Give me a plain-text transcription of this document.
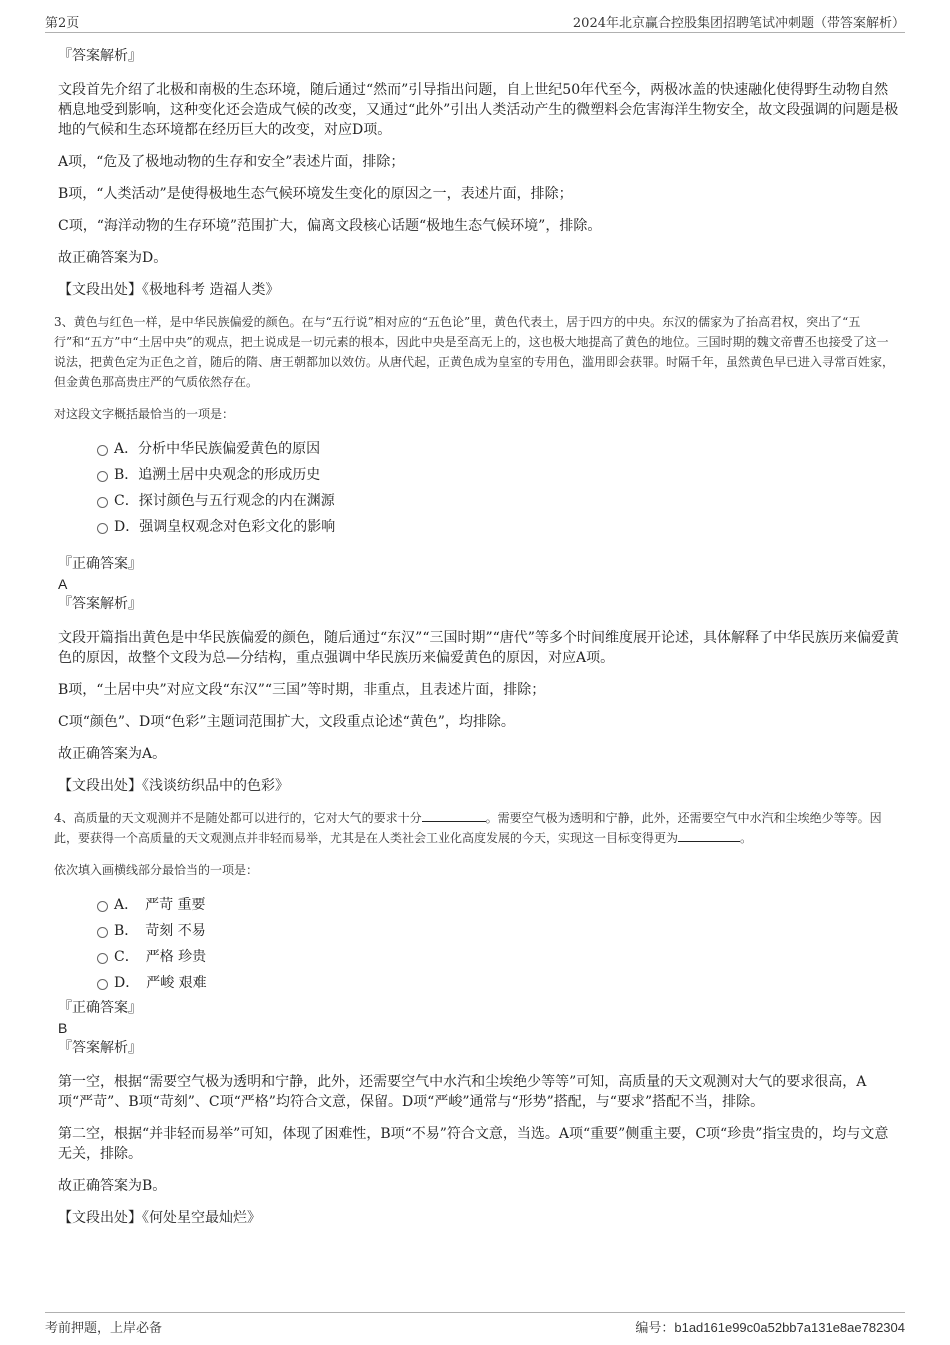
第2页	2024年北京赢合控股集团招聘笔试冲刺题（带答案解析）

『答案解析』

文段首先介绍了北极和南极的生态环境，随后通过“然而”引导指出问题，自上世纪50年代至今，两极冰盖的快速融化使得野生动物自然栖息地受到影响，这种变化还会造成气候的改变，又通过“此外”引出人类活动产生的微塑料会危害海洋生物安全，故文段强调的问题是极地的气候和生态环境都在经历巨大的改变，对应D项。

A项，“危及了极地动物的生存和安全”表述片面，排除；

B项，“人类活动”是使得极地生态气候环境发生变化的原因之一，表述片面，排除；

C项，“海洋动物的生存环境”范围扩大，偏离文段核心话题“极地生态气候环境”，排除。

故正确答案为D。

【文段出处】《极地科考 造福人类》

3、黄色与红色一样，是中华民族偏爱的颜色。在与“五行说”相对应的“五色论”里，黄色代表土，居于四方的中央。东汉的儒家为了抬高君权，突出了“五行”和“五方”中“土居中央”的观点，把土说成是一切元素的根本，因此中央是至高无上的，这也极大地提高了黄色的地位。三国时期的魏文帝曹丕也接受了这一说法，把黄色定为正色之首，随后的隋、唐王朝都加以效仿。从唐代起，正黄色成为皇室的专用色，滥用即会获罪。时隔千年，虽然黄色早已进入寻常百姓家，但金黄色那高贵庄严的气质依然存在。

对这段文字概括最恰当的一项是：

A．分析中华民族偏爱黄色的原因
B．追溯土居中央观念的形成历史
C．探讨颜色与五行观念的内在渊源
D．强调皇权观念对色彩文化的影响

『正确答案』

A

『答案解析』

文段开篇指出黄色是中华民族偏爱的颜色，随后通过“东汉”“三国时期”“唐代”等多个时间维度展开论述，具体解释了中华民族历来偏爱黄色的原因，故整个文段为总—分结构，重点强调中华民族历来偏爱黄色的原因，对应A项。

B项，“土居中央”对应文段“东汉”“三国”等时期，非重点，且表述片面，排除；

C项“颜色”、D项“色彩”主题词范围扩大，文段重点论述“黄色”，均排除。

故正确答案为A。

【文段出处】《浅谈纺织品中的色彩》

4、高质量的天文观测并不是随处都可以进行的，它对大气的要求十分	。需要空气极为透明和宁静，此外，还需要空气中水汽和尘埃绝少等等。因此，要获得一个高质量的天文观测点并非轻而易举，尤其是在人类社会工业化高度发展的今天，实现这一目标变得更为	。

依次填入画横线部分最恰当的一项是：

A．　严苛 重要
B．　苛刻 不易
C．　严格 珍贵
D．　严峻 艰难

『正确答案』

B

『答案解析』

第一空，根据“需要空气极为透明和宁静，此外，还需要空气中水汽和尘埃绝少等等”可知，高质量的天文观测对大气的要求很高，A项“严苛”、B项“苛刻”、C项“严格”均符合文意，保留。D项“严峻”通常与“形势”搭配，与“要求”搭配不当，排除。

第二空，根据“并非轻而易举”可知，体现了困难性，B项“不易”符合文意，当选。A项“重要”侧重主要，C项“珍贵”指宝贵的，均与文意无关，排除。

故正确答案为B。

【文段出处】《何处星空最灿烂》

考前押题，上岸必备	编号：b1ad161e99c0a52bb7a131e8ae782304
